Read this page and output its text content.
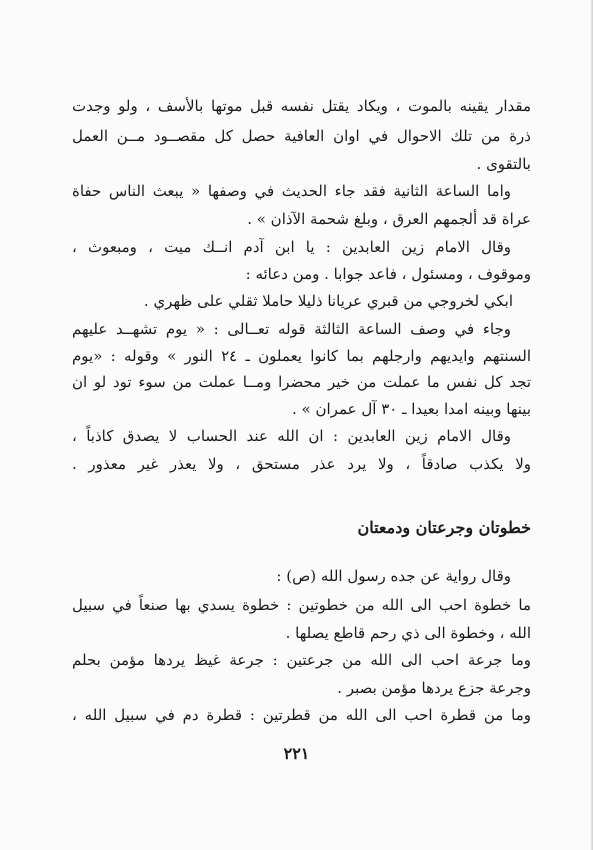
مقدار يقينه بالموت ، ويكاد يقتل نفسه قبل موتها بالأسف ، ولو وجدت
ذرة من تلك الاحوال في اوان العافية حصل كل مقصــود مــن العمل
بالتقوى .
واما الساعة الثانية فقد جاء الحديث في وصفها « يبعث الناس حفاة
عراة قد ألجمهم العرق ، وبلغ شحمة الآذان » .
وقال الامام زين العابدين : يا ابن آدم انــك ميت ، ومبعوث ،
وموقوف ، ومسئول ، فاعد جوابا . ومن دعائه :
ابكي لخروجي من قبري عريانا ذليلا حاملا ثقلي على ظهري .
وجاء في وصف الساعة الثالثة قوله تعــالى : « يوم تشهــد عليهم
السنتهم وايديهم وارجلهم بما كانوا يعملون ـ ٢٤ النور » وقوله : «يوم
تجد كل نفس ما عملت من خير محضرا ومــا عملت من سوء تود لو ان
بينها وبينه امدا بعيدا ـ ٣٠ آل عمران » .
وقال الامام زين العابدين : ان الله عند الحساب لا يصدق كاذباً ،
ولا يكذب صادقاً ، ولا يرد عذر مستحق ، ولا يعذر غير معذور .
خطوتان وجرعتان ودمعتان
وقال رواية عن جده رسول الله (ص) :
ما خطوة احب الى الله من خطوتين : خطوة يسدي بها صنعاً في سبيل
الله ، وخطوة الى ذي رحم قاطع يصلها .
وما جرعة احب الى الله من جرعتين : جرعة غيظ يردها مؤمن بحلم
وجرعة جزع يردها مؤمن بصبر .
وما من قطرة احب الى الله من قطرتين : قطرة دم في سبيل الله ،
٢٢١
